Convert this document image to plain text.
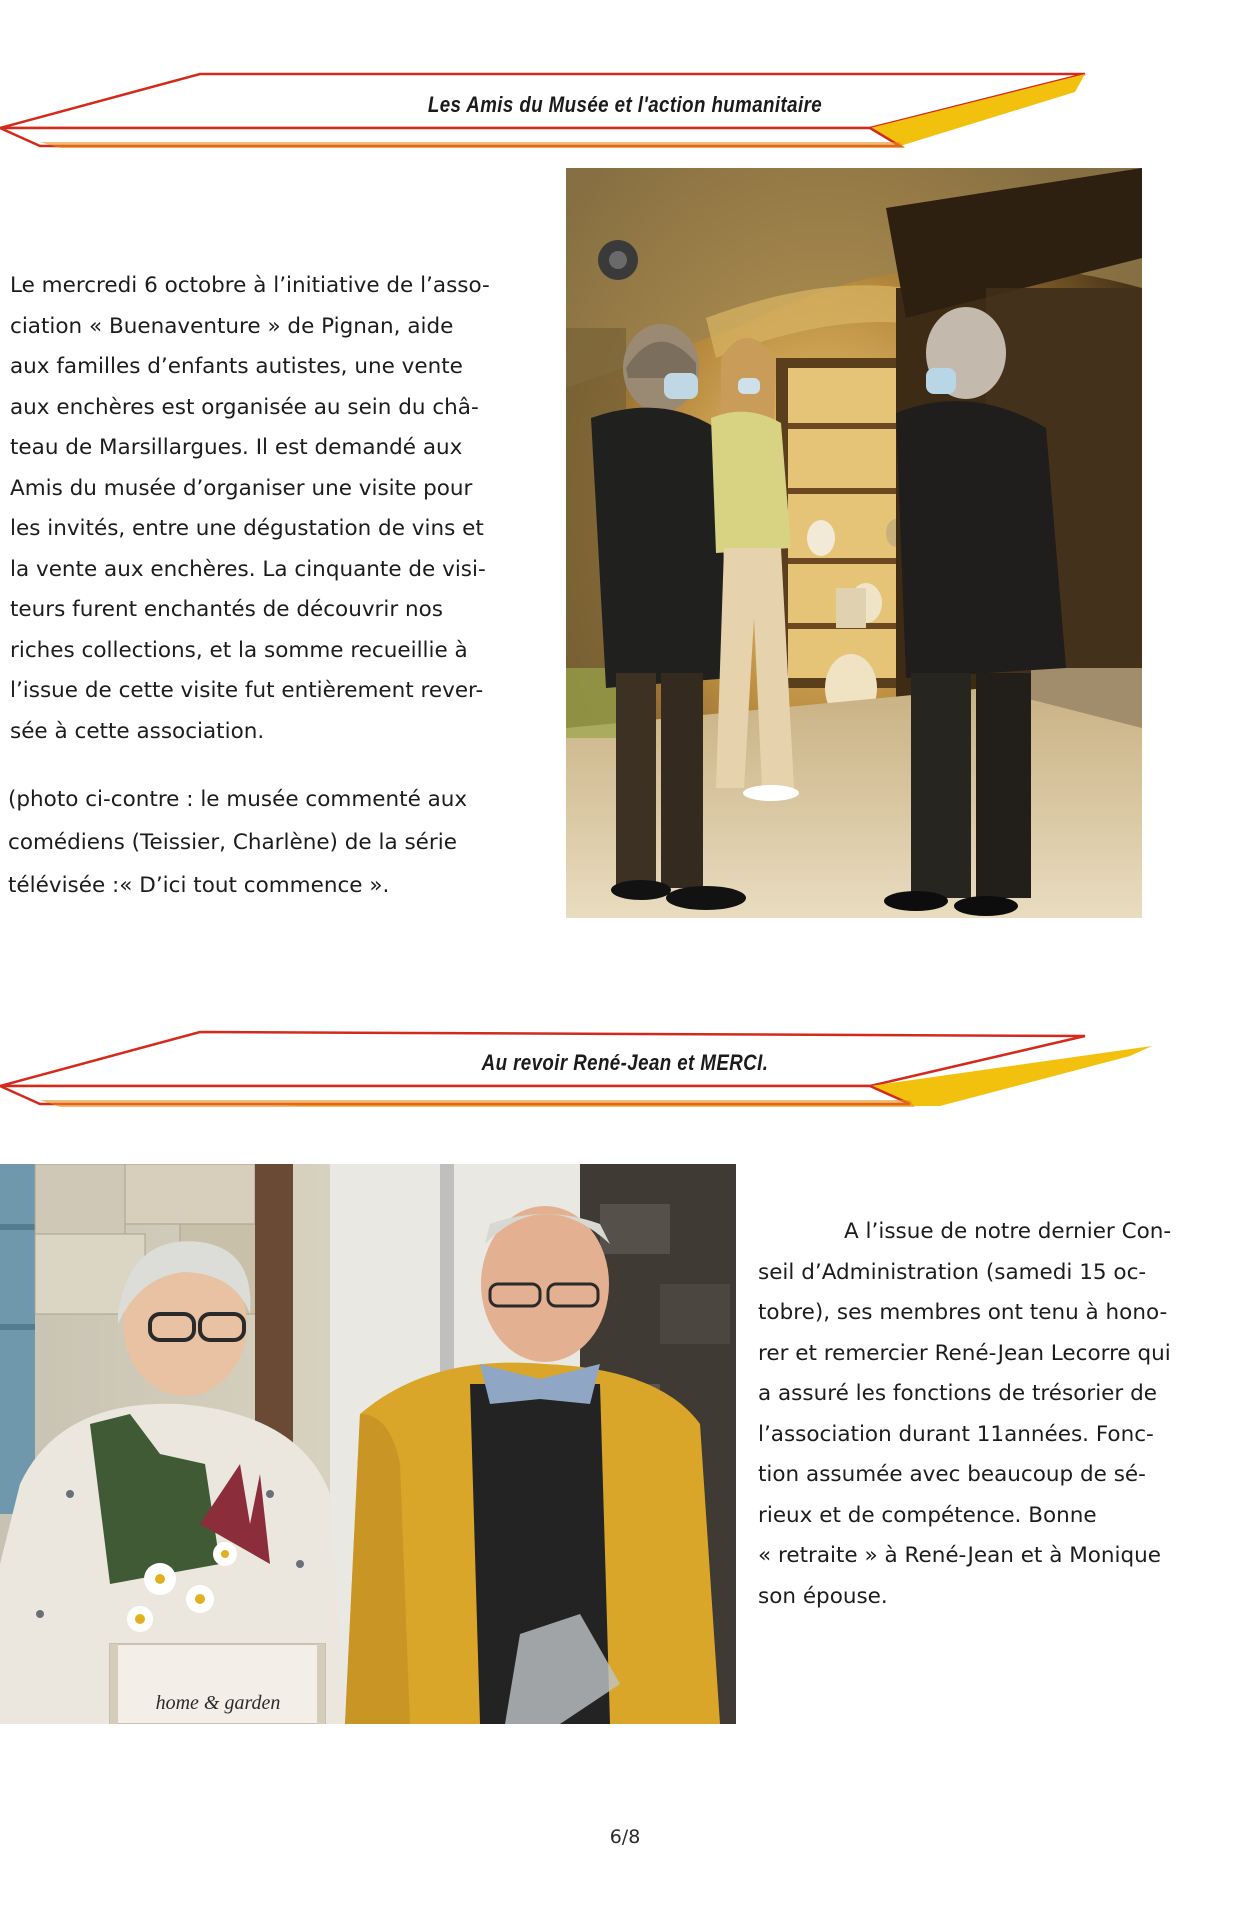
Les Amis du Musée et l'action humanitaire
Le mercredi 6 octobre à l’initiative de l’asso-
ciation « Buenaventure » de Pignan, aide
aux familles d’enfants autistes, une vente
aux enchères est organisée au sein du châ-
teau de Marsillargues. Il est demandé aux
Amis du musée d’organiser une visite pour
les invités, entre une dégustation de vins et
la vente aux enchères. La cinquante de visi-
teurs furent enchantés de découvrir nos
riches collections, et la somme recueillie à
l’issue de cette visite fut entièrement rever-
sée à cette association.
(photo ci-contre : le musée commenté aux
comédiens (Teissier, Charlène) de la série
télévisée :« D’ici tout commence ».
Au revoir René-Jean et MERCI.
home & garden
A l’issue de notre dernier Con-
seil d’Administration (samedi 15 oc-
tobre), ses membres ont tenu à hono-
rer et remercier René-Jean Lecorre qui
a assuré les fonctions de trésorier de
l’association durant 11années. Fonc-
tion assumée avec beaucoup de sé-
rieux et de compétence. Bonne
« retraite » à René-Jean et à Monique
son épouse.
6/8
